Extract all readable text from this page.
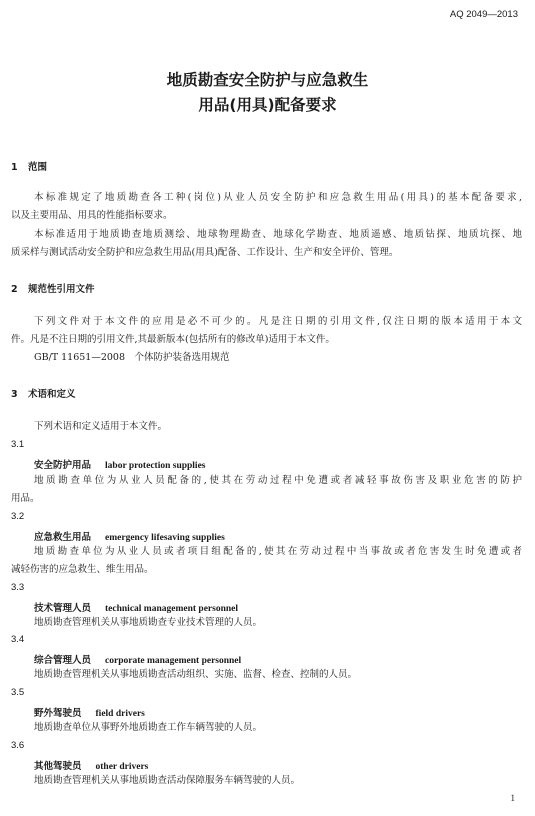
AQ 2049—2013
地质勘查安全防护与应急救生
用品(用具)配备要求
1 范围
本标准规定了地质勘查各工种(岗位)从业人员安全防护和应急救生用品(用具)的基本配备要求,
以及主要用品、用具的性能指标要求。
本标准适用于地质勘查地质测绘、地球物理勘查、地球化学勘查、地质遥感、地质钻探、地质坑探、地
质采样与测试活动安全防护和应急救生用品(用具)配备、工作设计、生产和安全评价、管理。
2 规范性引用文件
下列文件对于本文件的应用是必不可少的。凡是注日期的引用文件,仅注日期的版本适用于本文
件。凡是不注日期的引用文件,其最新版本(包括所有的修改单)适用于本文件。
GB/T 11651—2008　个体防护装备选用规范
3 术语和定义
下列术语和定义适用于本文件。
3.1
安全防护用品 labor protection supplies
地质勘查单位为从业人员配备的,使其在劳动过程中免遭或者减轻事故伤害及职业危害的防护
用品。
3.2
应急救生用品 emergency lifesaving supplies
地质勘查单位为从业人员或者项目组配备的,使其在劳动过程中当事故或者危害发生时免遭或者
减轻伤害的应急救生、维生用品。
3.3
技术管理人员 technical management personnel
地质勘查管理机关从事地质勘查专业技术管理的人员。
3.4
综合管理人员 corporate management personnel
地质勘查管理机关从事地质勘查活动组织、实施、监督、检查、控制的人员。
3.5
野外驾驶员 field drivers
地质勘查单位从事野外地质勘查工作车辆驾驶的人员。
3.6
其他驾驶员 other drivers
地质勘查管理机关从事地质勘查活动保障服务车辆驾驶的人员。
1
